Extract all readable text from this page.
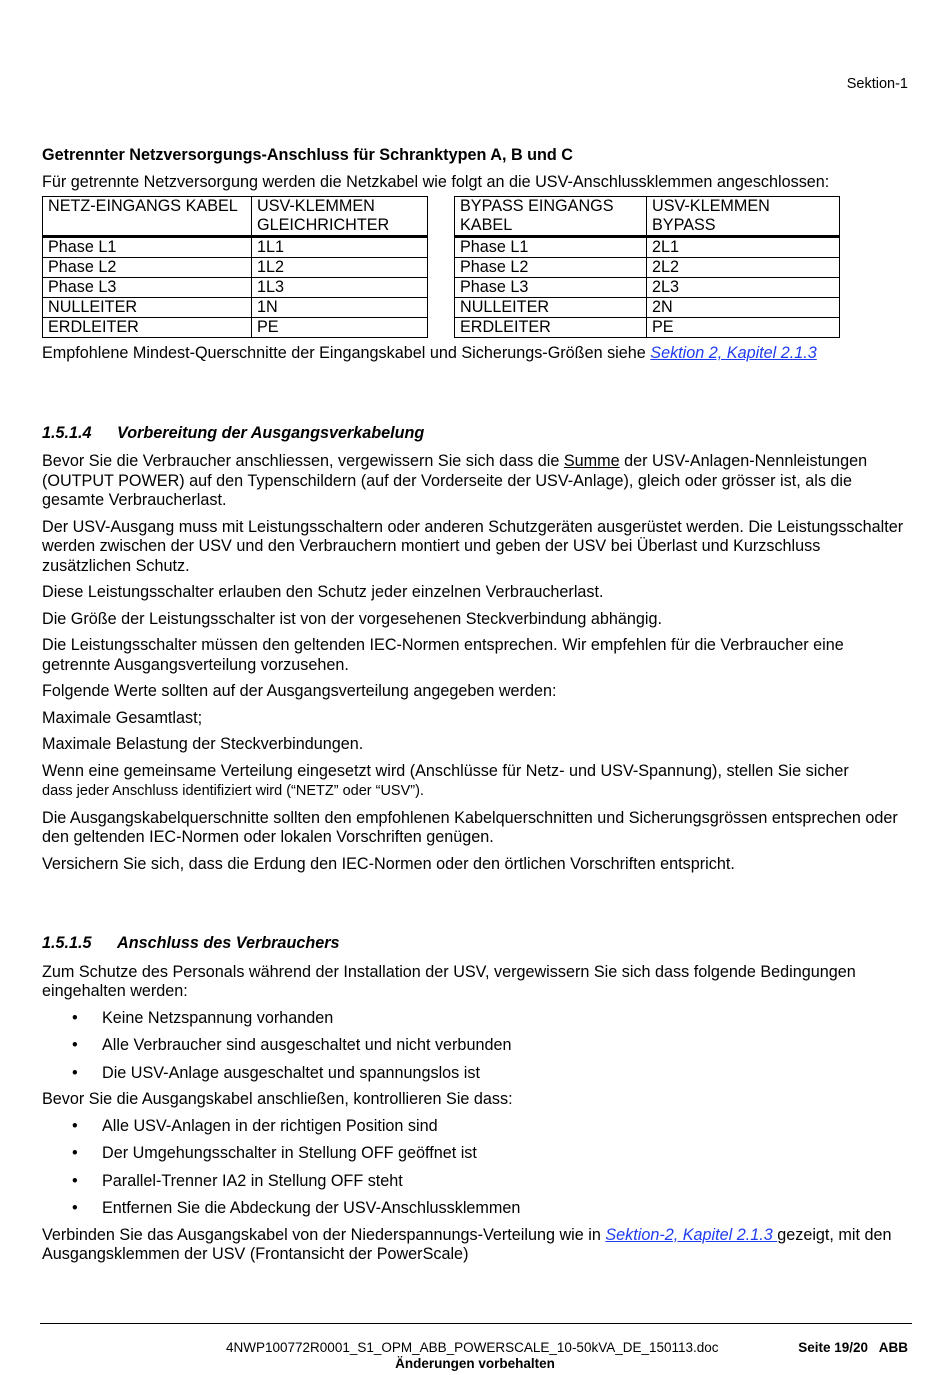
Sektion-1
Getrennter Netzversorgungs-Anschluss für Schranktypen A, B und C

Für getrennte Netzversorgung werden die Netzkabel wie folgt an die USV-Anschlussklemmen angeschlossen:

NETZ-EINGANGS KABEL	USV-KLEMMEN GLEICHRICHTER
Phase L1	1L1
Phase L2	1L2
Phase L3	1L3
NULLEITER	1N
ERDLEITER	PE
BYPASS EINGANGS KABEL	USV-KLEMMEN BYPASS
Phase L1	2L1
Phase L2	2L2
Phase L3	2L3
NULLEITER	2N
ERDLEITER	PE

Empfohlene Mindest-Querschnitte der Eingangskabel und Sicherungs-Größen siehe Sektion 2, Kapitel 2.1.3

1.5.1.4	Vorbereitung der Ausgangsverkabelung

Bevor Sie die Verbraucher anschliessen, vergewissern Sie sich dass die Summe der USV-Anlagen-Nennleistungen (OUTPUT POWER) auf den Typenschildern (auf der Vorderseite der USV-Anlage), gleich oder grösser ist, als die gesamte Verbraucherlast.

Der USV-Ausgang muss mit Leistungsschaltern oder anderen Schutzgeräten ausgerüstet werden. Die Leistungsschalter werden zwischen der USV und den Verbrauchern montiert und geben der USV bei Überlast und Kurzschluss zusätzlichen Schutz.

Diese Leistungsschalter erlauben den Schutz jeder einzelnen Verbraucherlast.

Die Größe der Leistungsschalter ist von der vorgesehenen Steckverbindung abhängig.

Die Leistungsschalter müssen den geltenden IEC-Normen entsprechen. Wir empfehlen für die Verbraucher eine getrennte Ausgangsverteilung vorzusehen.

Folgende Werte sollten auf der Ausgangsverteilung angegeben werden:

Maximale Gesamtlast;

Maximale Belastung der Steckverbindungen.

Wenn eine gemeinsame Verteilung eingesetzt wird (Anschlüsse für Netz- und USV-Spannung), stellen Sie sicher
dass jeder Anschluss identifiziert wird (“NETZ” oder “USV”).

Die Ausgangskabelquerschnitte sollten den empfohlenen Kabelquerschnitten und Sicherungsgrössen entsprechen oder den geltenden IEC-Normen oder lokalen Vorschriften genügen.

Versichern Sie sich, dass die Erdung den IEC-Normen oder den örtlichen Vorschriften entspricht.

1.5.1.5	Anschluss des Verbrauchers

Zum Schutze des Personals während der Installation der USV, vergewissern Sie sich dass folgende Bedingungen eingehalten werden:

• Keine Netzspannung vorhanden
• Alle Verbraucher sind ausgeschaltet und nicht verbunden
• Die USV-Anlage ausgeschaltet und spannungslos ist

Bevor Sie die Ausgangskabel anschließen, kontrollieren Sie dass:

• Alle USV-Anlagen in der richtigen Position sind
• Der Umgehungsschalter in Stellung OFF geöffnet ist
• Parallel-Trenner IA2 in Stellung OFF steht
• Entfernen Sie die Abdeckung der USV-Anschlussklemmen

Verbinden Sie das Ausgangskabel von der Niederspannungs-Verteilung wie in Sektion-2, Kapitel 2.1.3 gezeigt, mit den Ausgangsklemmen der USV (Frontansicht der PowerScale)

4NWP100772R0001_S1_OPM_ABB_POWERSCALE_10-50kVA_DE_150113.doc	Seite 19/20   ABB
Änderungen vorbehalten
